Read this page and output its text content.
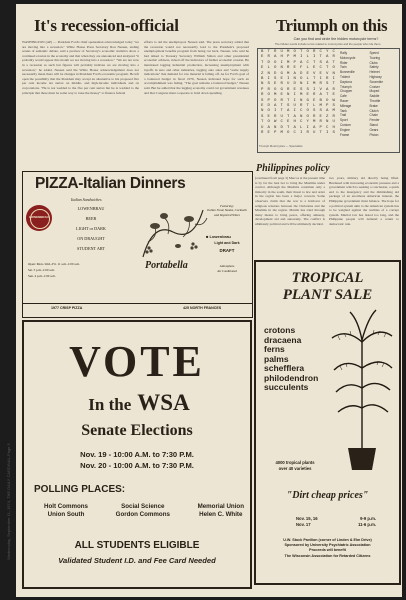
Wednesday, September 11, 1974, THE DAILY CARDINAL-Page 5
It's recession-official
WASHINGTON (AP) — President Ford's chief spokesman acknowledged today "we are moving into a recession." White House Press Secretary Ron Nessen, ending weeks of semantic debate, said a preview of Secretary's economic statistics show a continued erosion in the economy and that when they are announced and analyzed "it probably would appear this month we are moving into a recession." "We are not now in a recession as such but figures will probably indicate we are moving into a recession," he added. Nessen said the White House acknowledgement does not necessarily mean there will be changes in President Ford's economic program. He left open the possibility that the President may accept an alternative to his proposed five per cent income tax surtax on middle- and high-income individuals and on corporations. "He is not wedded to the five per cent surtax but he is wedded to the principle that there must be some way to raise the money" to finance federal
efforts to aid the unemployed, Nessen said. The press secretary added that the recession would not necessarily lead to the President's proposed unemployment benefits program from being cut back. Nessen, who said he had talked to Treasury Secretary William Simon and other presidential economic advisers, ticked off the indicators of further economic erosion. He mentioned lagging industrial production, increasing unemployment with layoffs in auto and other industries, lagging auto sales and "some supply indications" that demand for raw material is falling off. As for Ford's goal of a balanced budget in fiscal 1976, Nessen indicated hope for such an accomplishment was fading. "The goal remains a balanced budget," Nessen said. But he added that the lagging economy could cut government revenues and that Congress must cooperate to hold down spending.
Triumph on this
Can you find and circle the hidden motorcycle terms?
The hidden words include terms related to motorcycles and the people who ride them.
B	T	R	U	M	O	T	O	R	C	Y	C
E	R	A	H	P	M	I	L	I	T	A	R
T	D	O	I	M	P	A	C	T	S	A	T
E	L	O	N	R	E	F	L	E	C	T	O
Z	N	D	G	M	A	D	E	V	E	V	N
B	I	S	E	I	N	O	L	T	I	R	I
N	S	E	R	U	D	N	I	M	R	S	T
P	R	O	G	R	E	S	S	I	V	A	R
R	O	M	E	N	I	M	E	R	A	T	E
S	P	O	R	T	I	N	G	E	B	O	W
E	D	A	T	S	U	R	T	L	M	P	S
N	O	I	T	A	I	C	O	S	S	A	M
S	E	R	U	T	A	N	O	R	E	Z	R
T	O	W	C	E	H	C	Y	M	R	N	U
U	A	N	D	T	A	L	I	A	P	C	H
R	E	P	M	O	C	I	R	U	T	I	S
Rally
Motorcycle
Rider
Twin
Bonneville
Trident
Daytona
Triumph
Chopper
Cafe
Racer
Mileage
Tank
Trail
Sport
Custom
Engine
Frame
Speed
Touring
Clubs
Safety
Helmet
Highway
Scramble
Cruiser
Moped
Saddle
Throttle
Brake
Clutch
Chain
Fender
Stand
Gears
Piston
Triumph Motorcycles — Specialists
PIZZA-Italian Dinners
Italian Sandwiches
LOWENBRAU
LOWENBRAU
BEER
LIGHT or DARK
ON DRAUGHT
STUDENT ART
Open: Mon.-Wed.-Fri. 11 a.m.-1:00 a.m.
Sat. 5 p.m.-1:00 a.m.
Sun. 4 p.m.-1:00 a.m.
Portabella
Featuring:
Italian Food, Steaks, Cocktails and Imported Wines
■ Lowenbrau
Light and Dark
DRAFT
Atmosphere
Air Conditioned
1977 CRISP PIZZA	425 NORTH FRANCES
Philippines policy
(continued from page 3) Marcos at the present time is by far the best bet to bring the Muslims under control. Although the Muslims constitute only a minority in the south, their threat to law and order in the region has been a major concern. Some observers claim that the war is a holdover of religious tensions between the Christians and the Muslims in the region. Manila has tried through many means to bring peace, offering amnesty, development aid and autonomy. The conflict is ultimately political and will be ultimately decided.
two years, military aid directly being lifted. Burdened with increasing economic pressure and a government which is seeking a conclusion, a quick end to the insurgency and the diminishing aid package of an enormous American interest, the Philippine government must balance. The hope for a political system akin to the American system has to be weighed against the realities of a corrupt system. Martial law has lasted too long, and the Philippine people will demand a return to democratic rule.
VOTE
In the WSA
Senate Elections
Nov. 19 - 10:00 A.M. to 7:30 P.M.
Nov. 20 - 10:00 A.M. to 7:30 P.M.
POLLING PLACES:
Holt Commons
Union South
Social Science
Gordon Commons
Memorial Union
Helen C. White
ALL STUDENTS ELIGIBLE
Validated Student I.D. and Fee Card Needed
TROPICAL
PLANT SALE
crotons
dracaena
ferns
palms
schefflera
philodendron
succulents
4000 tropical plants
over 40 varieties
"Dirt cheap prices"
Nov. 15, 16	9-9 p.m.
Nov. 17	11-6 p.m.
U.W. Stock Pavilion (corner of Linden & Elm Drive)
Sponsored by University Psychiatric Association
Proceeds will benefit
The Wisconsin Association for Retarded Citizens
